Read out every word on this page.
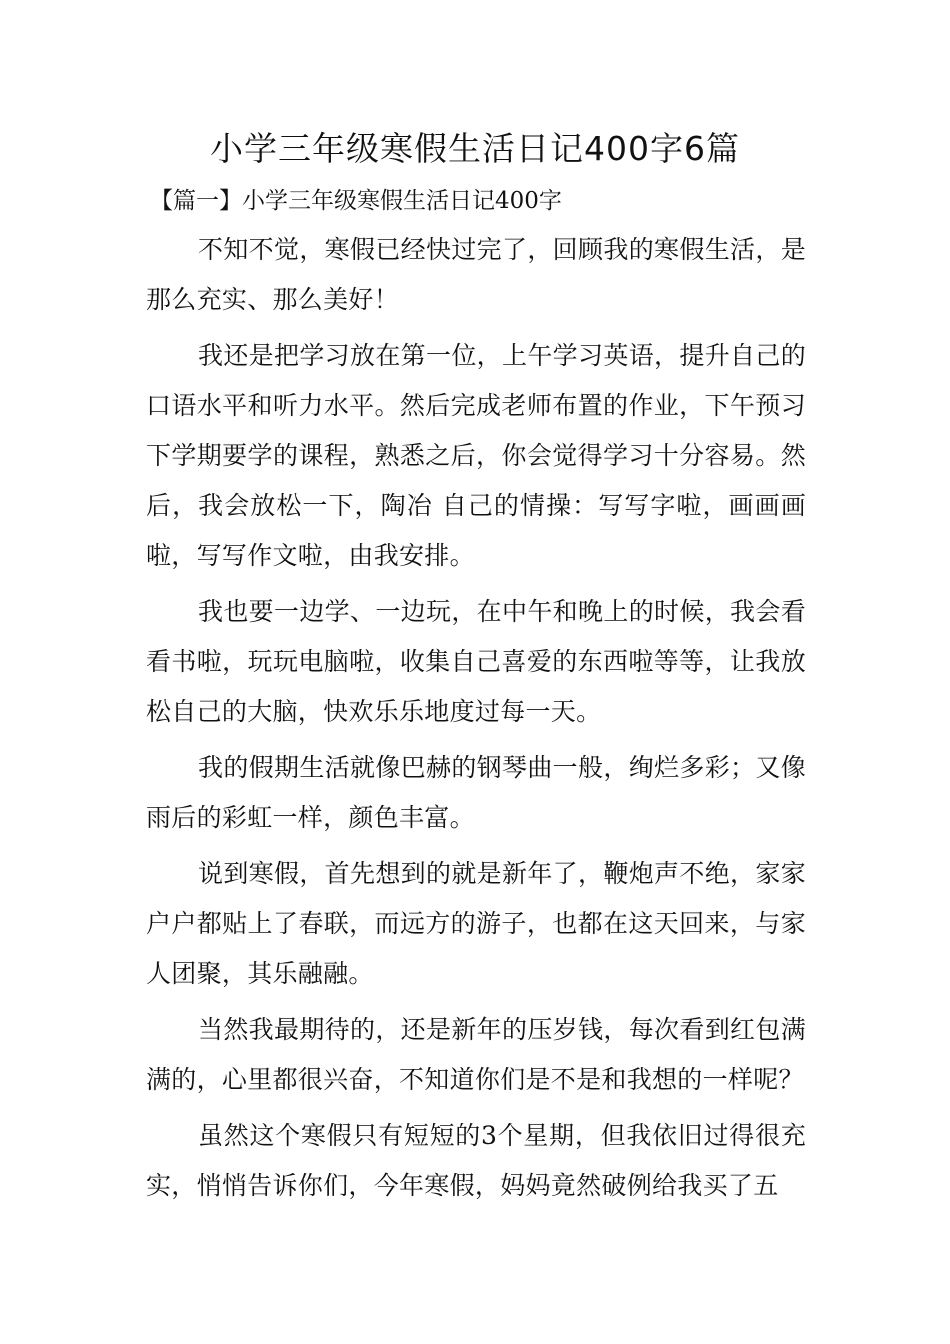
小学三年级寒假生活日记400字6篇
【篇一】小学三年级寒假生活日记400字

不知不觉，寒假已经快过完了，回顾我的寒假生活，是那么充实、那么美好！

我还是把学习放在第一位，上午学习英语，提升自己的口语水平和听力水平。然后完成老师布置的作业，下午预习下学期要学的课程，熟悉之后，你会觉得学习十分容易。然后，我会放松一下，陶冶 自己的情操：写写字啦，画画画啦，写写作文啦，由我安排。

我也要一边学、一边玩，在中午和晚上的时候，我会看看书啦，玩玩电脑啦，收集自己喜爱的东西啦等等，让我放松自己的大脑，快欢乐乐地度过每一天。

我的假期生活就像巴赫的钢琴曲一般，绚烂多彩；又像雨后的彩虹一样，颜色丰富。

说到寒假，首先想到的就是新年了，鞭炮声不绝，家家户户都贴上了春联，而远方的游子，也都在这天回来，与家人团聚，其乐融融。

当然我最期待的，还是新年的压岁钱，每次看到红包满满的，心里都很兴奋，不知道你们是不是和我想的一样呢？

虽然这个寒假只有短短的3个星期，但我依旧过得很充实，悄悄告诉你们，今年寒假，妈妈竟然破例给我买了五
